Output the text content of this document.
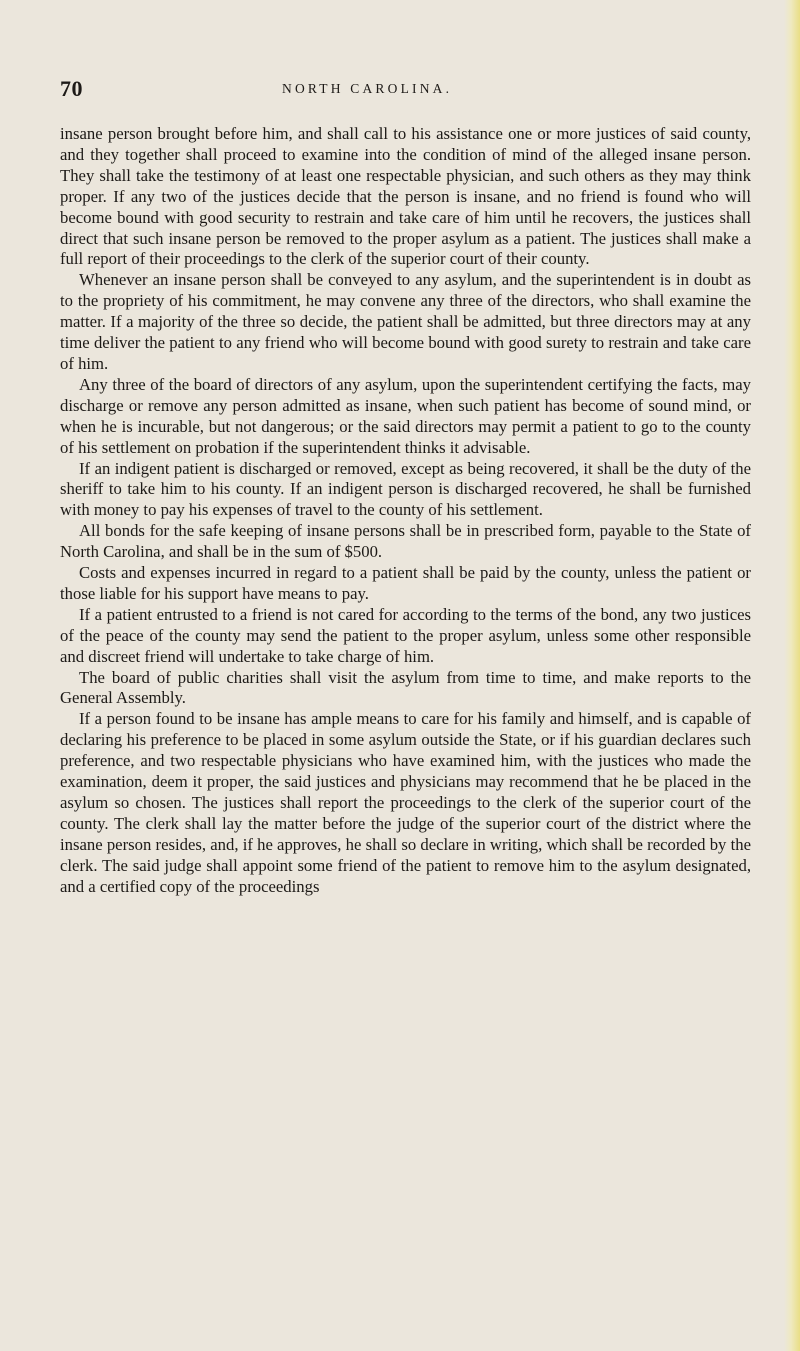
70	NORTH CAROLINA.

insane person brought before him, and shall call to his assistance one or more justices of said county, and they together shall proceed to examine into the condition of mind of the alleged insane person. They shall take the testimony of at least one respectable physician, and such others as they may think proper. If any two of the justices decide that the person is insane, and no friend is found who will become bound with good security to restrain and take care of him until he recovers, the justices shall direct that such insane person be removed to the proper asylum as a patient. The justices shall make a full report of their proceedings to the clerk of the superior court of their county.

Whenever an insane person shall be conveyed to any asylum, and the superintendent is in doubt as to the propriety of his commitment, he may convene any three of the directors, who shall examine the matter. If a majority of the three so decide, the patient shall be admitted, but three directors may at any time deliver the patient to any friend who will become bound with good surety to restrain and take care of him.

Any three of the board of directors of any asylum, upon the superintendent certifying the facts, may discharge or remove any person admitted as insane, when such patient has become of sound mind, or when he is incurable, but not dangerous; or the said directors may permit a patient to go to the county of his settlement on probation if the superintendent thinks it advisable.

If an indigent patient is discharged or removed, except as being recovered, it shall be the duty of the sheriff to take him to his county. If an indigent person is discharged recovered, he shall be furnished with money to pay his expenses of travel to the county of his settlement.

All bonds for the safe keeping of insane persons shall be in prescribed form, payable to the State of North Carolina, and shall be in the sum of $500.

Costs and expenses incurred in regard to a patient shall be paid by the county, unless the patient or those liable for his support have means to pay.

If a patient entrusted to a friend is not cared for according to the terms of the bond, any two justices of the peace of the county may send the patient to the proper asylum, unless some other responsible and discreet friend will undertake to take charge of him.

The board of public charities shall visit the asylum from time to time, and make reports to the General Assembly.

If a person found to be insane has ample means to care for his family and himself, and is capable of declaring his preference to be placed in some asylum outside the State, or if his guardian declares such preference, and two respectable physicians who have examined him, with the justices who made the examination, deem it proper, the said justices and physicians may recommend that he be placed in the asylum so chosen. The justices shall report the proceedings to the clerk of the superior court of the county. The clerk shall lay the matter before the judge of the superior court of the district where the insane person resides, and, if he approves, he shall so declare in writing, which shall be recorded by the clerk. The said judge shall appoint some friend of the patient to remove him to the asylum designated, and a certified copy of the proceedings
